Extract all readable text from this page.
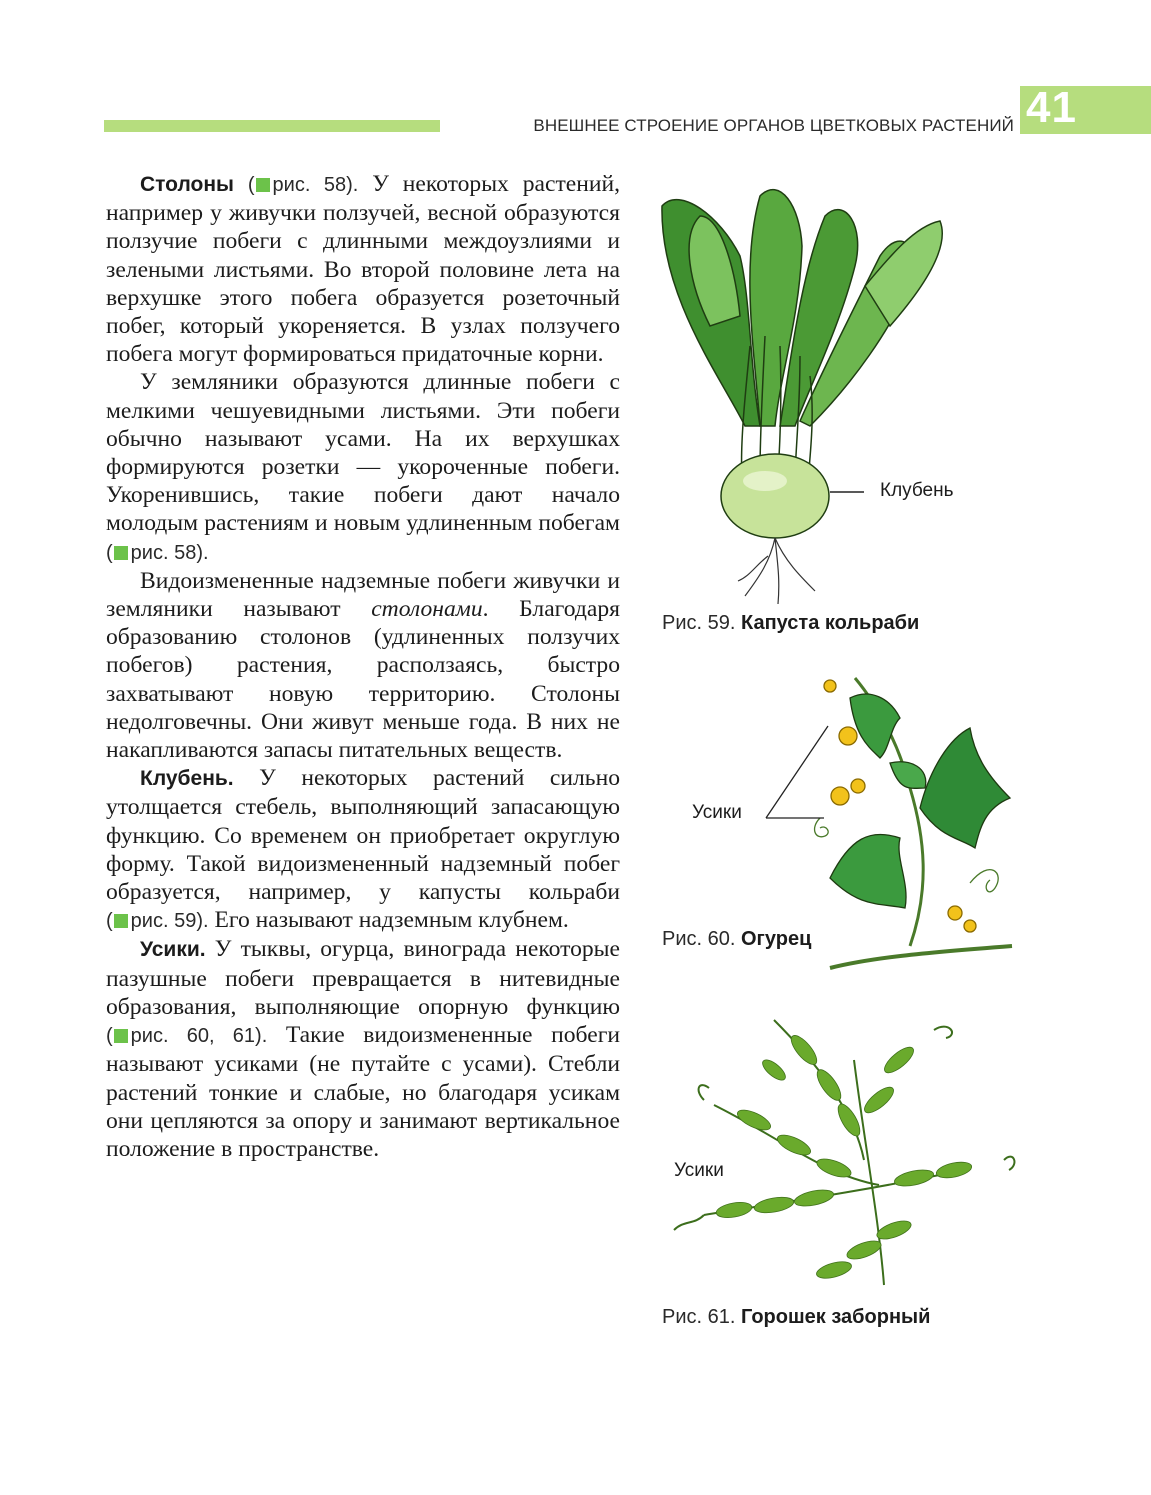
ВНЕШНЕЕ СТРОЕНИЕ ОРГАНОВ ЦВЕТКОВЫХ РАСТЕНИЙ 41

Столоны ( рис. 58). У некоторых растений, например у живучки ползучей, весной образуются ползучие побеги с длинными междоузлиями и зелеными листьями. Во второй половине лета на верхушке этого побега образуется розеточный побег, который укореняется. В узлах ползучего побега могут формироваться придаточные корни.

У земляники образуются длинные побеги с мелкими чешуевидными листьями. Эти побеги обычно называют усами. На их верхушках формируются розетки — укороченные побеги. Укоренившись, такие побеги дают начало молодым растениям и новым удлиненным побегам ( рис. 58).

Видоизмененные надземные побеги живучки и земляники называют столонами. Благодаря образованию столонов (удлиненных ползучих побегов) растения, расползаясь, быстро захватывают новую территорию. Столоны недолговечны. Они живут меньше года. В них не накапливаются запасы питательных веществ.

Клубень. У некоторых растений сильно утолщается стебель, выполняющий запасающую функцию. Со временем он приобретает округлую форму. Такой видоизмененный надземный побег образуется, например, у капусты кольраби ( рис. 59). Его называют надземным клубнем.

Усики. У тыквы, огурца, винограда некоторые пазушные побеги превращается в нитевидные образования, выполняющие опорную функцию ( рис. 60, 61). Такие видоизмененные побеги называют усиками (не путайте с усами). Стебли растений тонкие и слабые, но благодаря усикам они цепляются за опору и занимают вертикальное положение в пространстве.

Клубень
Рис. 59. Капуста кольраби
Усики
Рис. 60. Огурец
Усики
Рис. 61. Горошек заборный
